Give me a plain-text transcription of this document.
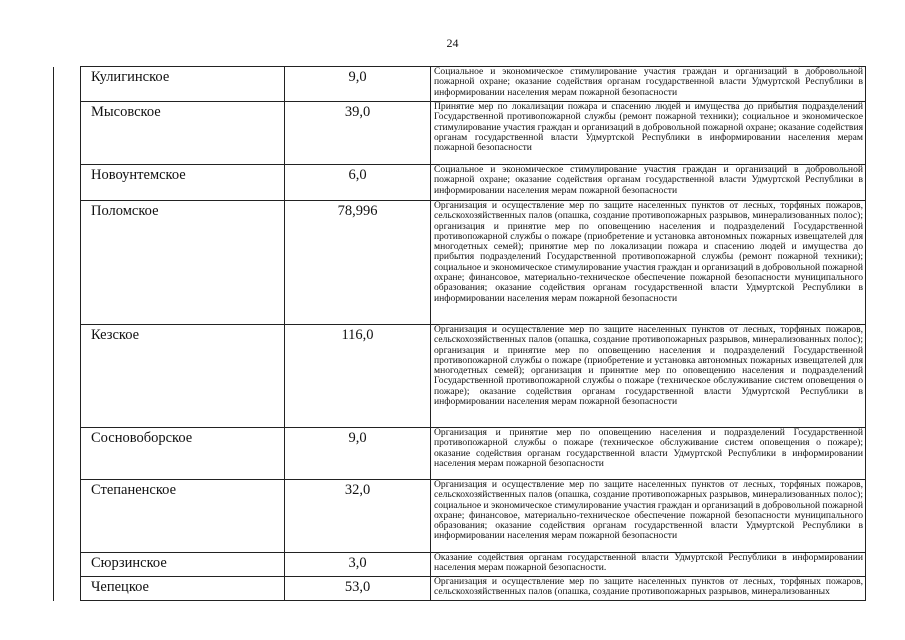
24
	Кулигинское	9,0	Социальное и экономическое стимулирование участия граждан и организаций в добровольной пожарной охране; оказание содействия органам государственной власти Удмуртской Республики в информировании населения мерам пожарной безопасности

	Мысовское	39,0	Принятие мер по локализации пожара и спасению людей и имущества до прибытия подразделений Государственной противопожарной службы (ремонт пожарной техники); социальное и экономическое стимулирование участия граждан и организаций в добровольной пожарной охране; оказание содействия органам государственной власти Удмуртской Республики в информировании населения мерам пожарной безопасности

	Новоунтемское	6,0	Социальное и экономическое стимулирование участия граждан и организаций в добровольной пожарной охране; оказание содействия органам государственной власти Удмуртской Республики в информировании населения мерам пожарной безопасности

	Поломское	78,996	Организация и осуществление мер по защите населенных пунктов от лесных, торфяных пожаров, сельскохозяйственных палов (опашка, создание противопожарных разрывов, минерализованных полос); организация и принятие мер по оповещению населения и подразделений Государственной противопожарной службы о пожаре (приобретение и установка автономных пожарных извещателей для многодетных семей); принятие мер по локализации пожара и спасению людей и имущества до прибытия подразделений Государственной противопожарной службы (ремонт пожарной техники); социальное и экономическое стимулирование участия граждан и организаций в добровольной пожарной охране; финансовое, материально-техническое обеспечение пожарной безопасности муниципального образования; оказание содействия органам государственной власти Удмуртской Республики в информировании населения мерам пожарной безопасности

	Кезское	116,0	Организация и осуществление мер по защите населенных пунктов от лесных, торфяных пожаров, сельскохозяйственных палов (опашка, создание противопожарных разрывов, минерализованных полос); организация и принятие мер по оповещению населения и подразделений Государственной противопожарной службы о пожаре (приобретение и установка автономных пожарных извещателей для многодетных семей); организация и принятие мер по оповещению населения и подразделений Государственной противопожарной службы о пожаре (техническое обслуживание систем оповещения о пожаре); оказание содействия органам государственной власти Удмуртской Республики в информировании населения мерам пожарной безопасности

	Сосновоборское	9,0	Организация и принятие мер по оповещению населения и подразделений Государственной противопожарной службы о пожаре (техническое обслуживание систем оповещения о пожаре); оказание содействия органам государственной власти Удмуртской Республики в информировании населения мерам пожарной безопасности

	Степаненское	32,0	Организация и осуществление мер по защите населенных пунктов от лесных, торфяных пожаров, сельскохозяйственных палов (опашка, создание противопожарных разрывов, минерализованных полос); социальное и экономическое стимулирование участия граждан и организаций в добровольной пожарной охране; финансовое, материально-техническое обеспечение пожарной безопасности муниципального образования; оказание содействия органам государственной власти Удмуртской Республики в информировании населения мерам пожарной безопасности

	Сюрзинское	3,0	Оказание содействия органам государственной власти Удмуртской Республики в информировании населения мерам пожарной безопасности.

	Чепецкое	53,0	Организация и осуществление мер по защите населенных пунктов от лесных, торфяных пожаров, сельскохозяйственных палов (опашка, создание противопожарных разрывов, минерализованных
